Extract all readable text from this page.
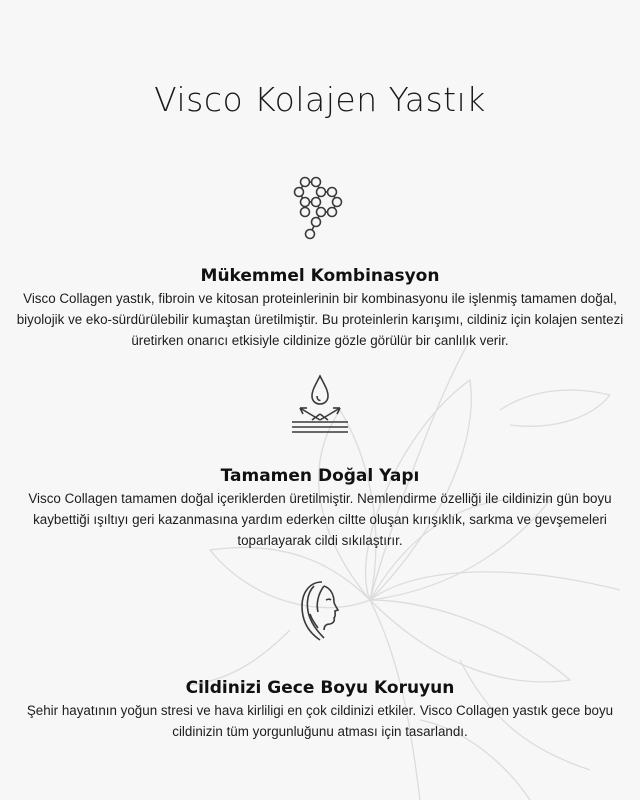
Visco Kolajen Yastık
Mükemmel Kombinasyon

Visco Collagen yastık, fibroin ve kitosan proteinlerinin bir kombinasyonu ile işlenmiş tamamen doğal, biyolojik ve eko-sürdürülebilir kumaştan üretilmiştir. Bu proteinlerin karışımı, cildiniz için kolajen sentezi üretirken onarıcı etkisiyle cildinize gözle görülür bir canlılık verir.

Tamamen Doğal Yapı

Visco Collagen tamamen doğal içeriklerden üretilmiştir. Nemlendirme özelliği ile cildinizin gün boyu kaybettiği ışıltıyı geri kazanmasına yardım ederken ciltte oluşan kırışıklık, sarkma ve gevşemeleri toparlayarak cildi sıkılaştırır.

Cildinizi Gece Boyu Koruyun

Şehir hayatının yoğun stresi ve hava kirliligi en çok cildinizi etkiler. Visco Collagen yastık gece boyu cildinizin tüm yorgunluğunu atması için tasarlandı.
